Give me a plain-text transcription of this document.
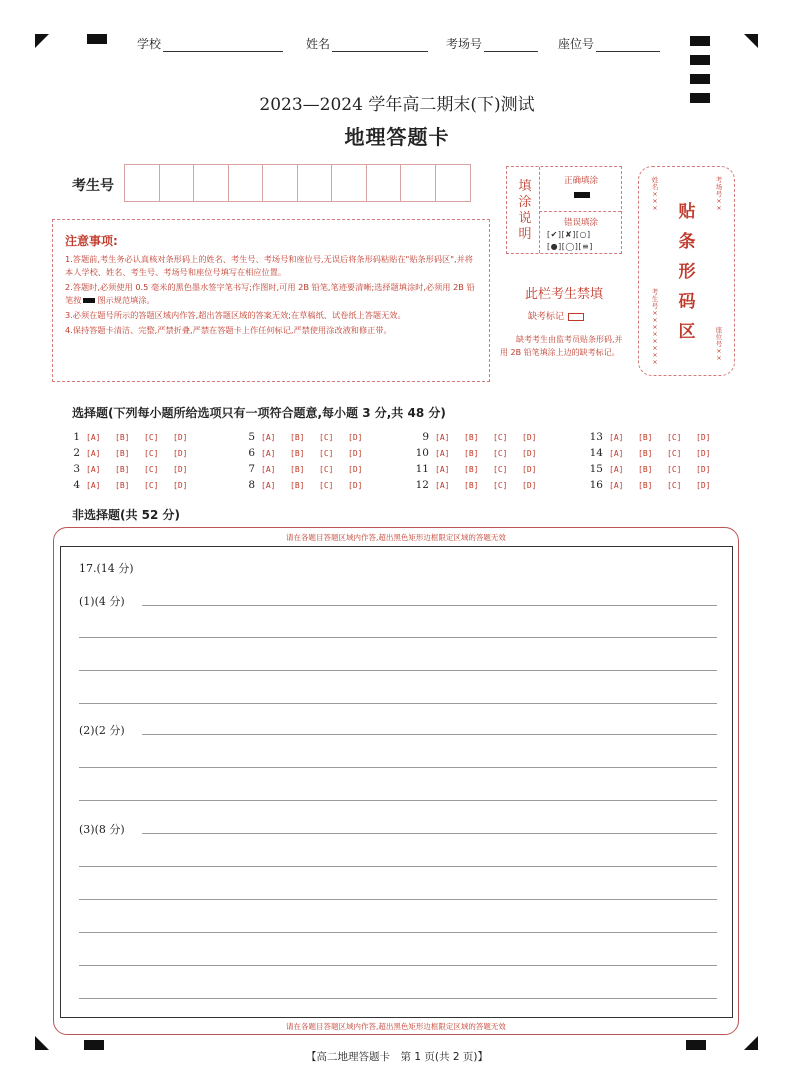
学校	姓名	考场号	座位号
2023—2024 学年高二期末(下)测试
地理答题卡
考生号
注意事项:
1.答题前,考生务必认真核对条形码上的姓名、考生号、考场号和座位号,无误后将条形码粘贴在"贴条形码区",并将本人学校、姓名、考生号、考场号和座位号填写在相应位置。
2.答题时,必须使用 0.5 毫米的黑色墨水签字笔书写;作图时,可用 2B 铅笔,笔迹要清晰;选择题填涂时,必须用 2B 铅笔按 图示规范填涂。
3.必须在题号所示的答题区域内作答,超出答题区域的答案无效;在草稿纸、试卷纸上答题无效。
4.保持答题卡清洁、完整,严禁折叠,严禁在答题卡上作任何标记,严禁使用涂改液和修正带。
填涂说明
正确填涂
错误填涂
[✔][✘][○]
[●][◯][≡]
此栏考生禁填
缺考标记
缺考考生由监考员贴条形码,并用 2B 铅笔填涂上边的缺考标记。
贴条形码区
姓名×××
考场号××
考生号××××××××
座位号××
选择题(下列每小题所给选项只有一项符合题意,每小题 3 分,共 48 分)
1 [A]	[B]	[C]	[D]
2 [A]	[B]	[C]	[D]
3 [A]	[B]	[C]	[D]
4 [A]	[B]	[C]	[D]
5 [A]	[B]	[C]	[D]
6 [A]	[B]	[C]	[D]
7 [A]	[B]	[C]	[D]
8 [A]	[B]	[C]	[D]
9 [A]	[B]	[C]	[D]
10 [A]	[B]	[C]	[D]
11 [A]	[B]	[C]	[D]
12 [A]	[B]	[C]	[D]
13 [A]	[B]	[C]	[D]
14 [A]	[B]	[C]	[D]
15 [A]	[B]	[C]	[D]
16 [A]	[B]	[C]	[D]
非选择题(共 52 分)
请在各题目答题区域内作答,超出黑色矩形边框限定区域的答题无效
请在各题目答题区域内作答,超出黑色矩形边框限定区域的答题无效
17.(14 分)
(1)(4 分)
(2)(2 分)
(3)(8 分)
【高二地理答题卡　第 1 页(共 2 页)】
